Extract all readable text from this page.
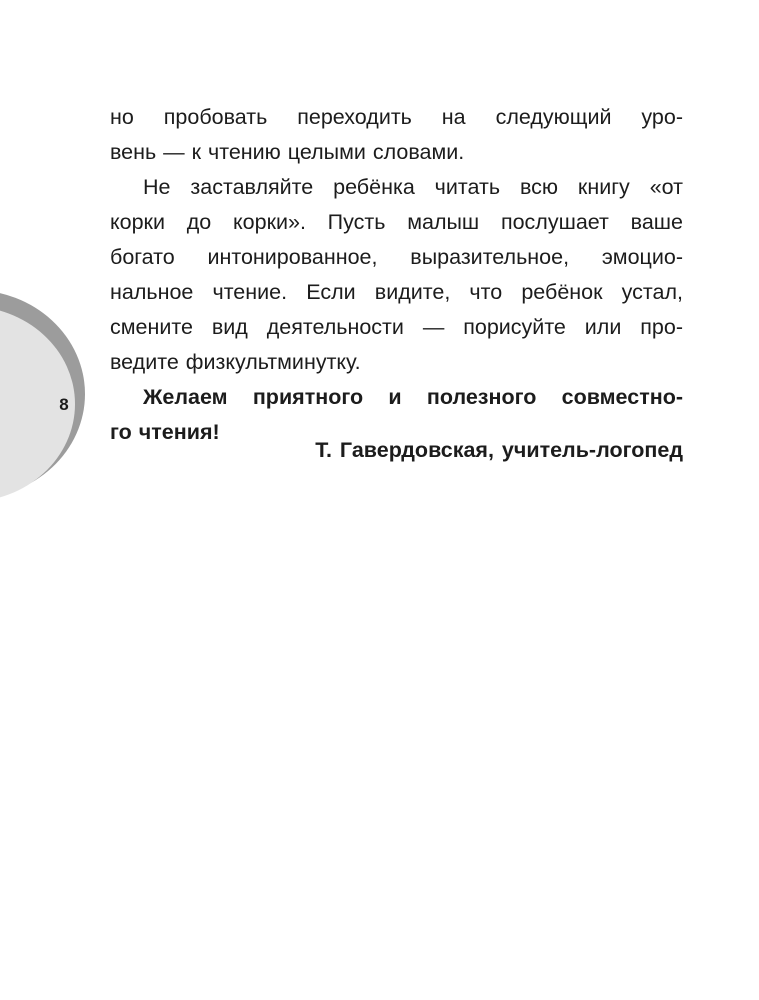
8
но пробовать переходить на следующий уро-
вень — к чтению целыми словами.
Не заставляйте ребёнка читать всю книгу «от
корки до корки». Пусть малыш послушает ваше
богато интонированное, выразительное, эмоцио-
нальное чтение. Если видите, что ребёнок устал,
смените вид деятельности — порисуйте или про-
ведите физкультминутку.
Желаем приятного и полезного совместно-
го чтения!
Т. Гавердовская, учитель-логопед
